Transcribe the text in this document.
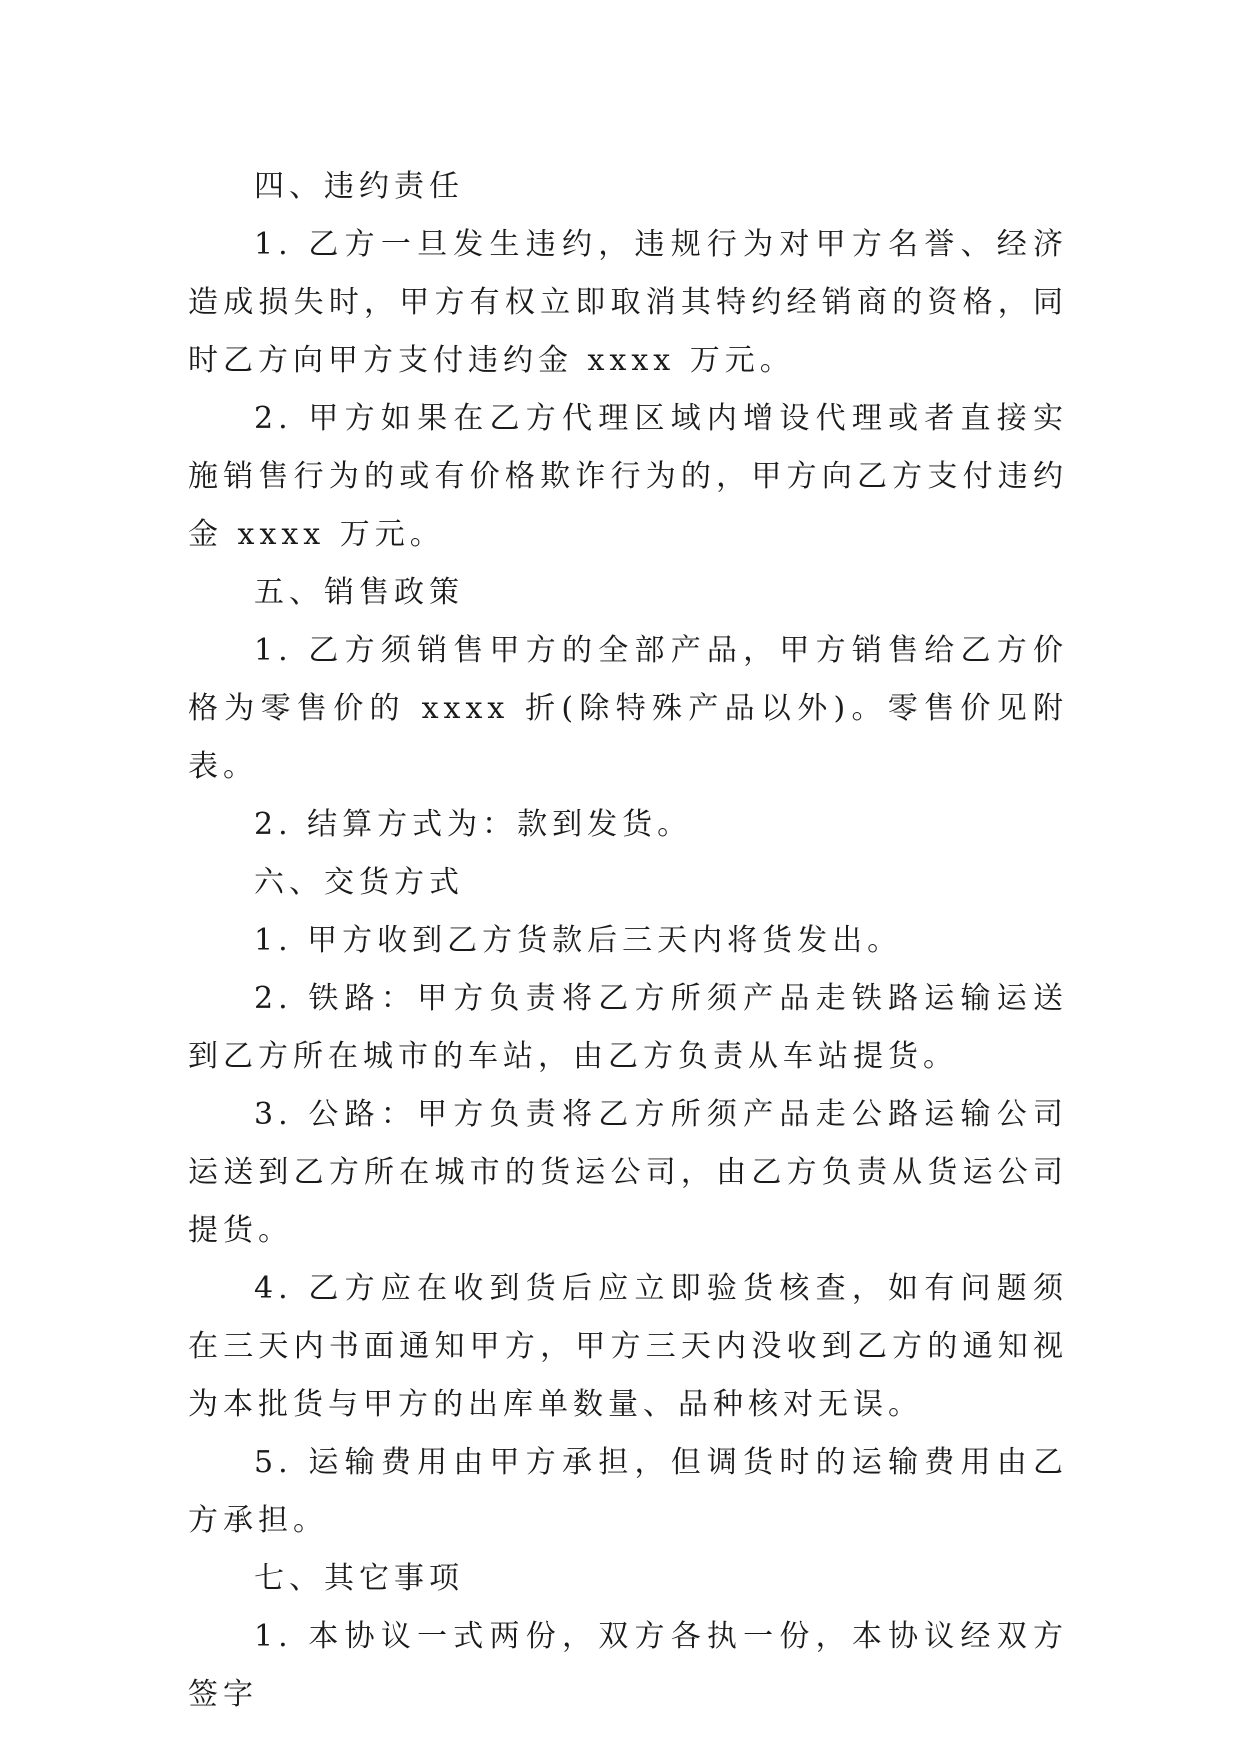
四、违约责任

1. 乙方一旦发生违约，违规行为对甲方名誉、经济造成损失时，甲方有权立即取消其特约经销商的资格，同时乙方向甲方支付违约金 xxxx 万元。

2. 甲方如果在乙方代理区域内增设代理或者直接实施销售行为的或有价格欺诈行为的，甲方向乙方支付违约金 xxxx 万元。

五、销售政策

1. 乙方须销售甲方的全部产品，甲方销售给乙方价格为零售价的 xxxx 折(除特殊产品以外)。零售价见附表。

2. 结算方式为：款到发货。

六、交货方式

1. 甲方收到乙方货款后三天内将货发出。

2. 铁路：甲方负责将乙方所须产品走铁路运输运送到乙方所在城市的车站，由乙方负责从车站提货。

3. 公路：甲方负责将乙方所须产品走公路运输公司运送到乙方所在城市的货运公司，由乙方负责从货运公司提货。

4. 乙方应在收到货后应立即验货核查，如有问题须在三天内书面通知甲方，甲方三天内没收到乙方的通知视为本批货与甲方的出库单数量、品种核对无误。

5. 运输费用由甲方承担，但调货时的运输费用由乙方承担。

七、其它事项

1. 本协议一式两份，双方各执一份，本协议经双方签字
